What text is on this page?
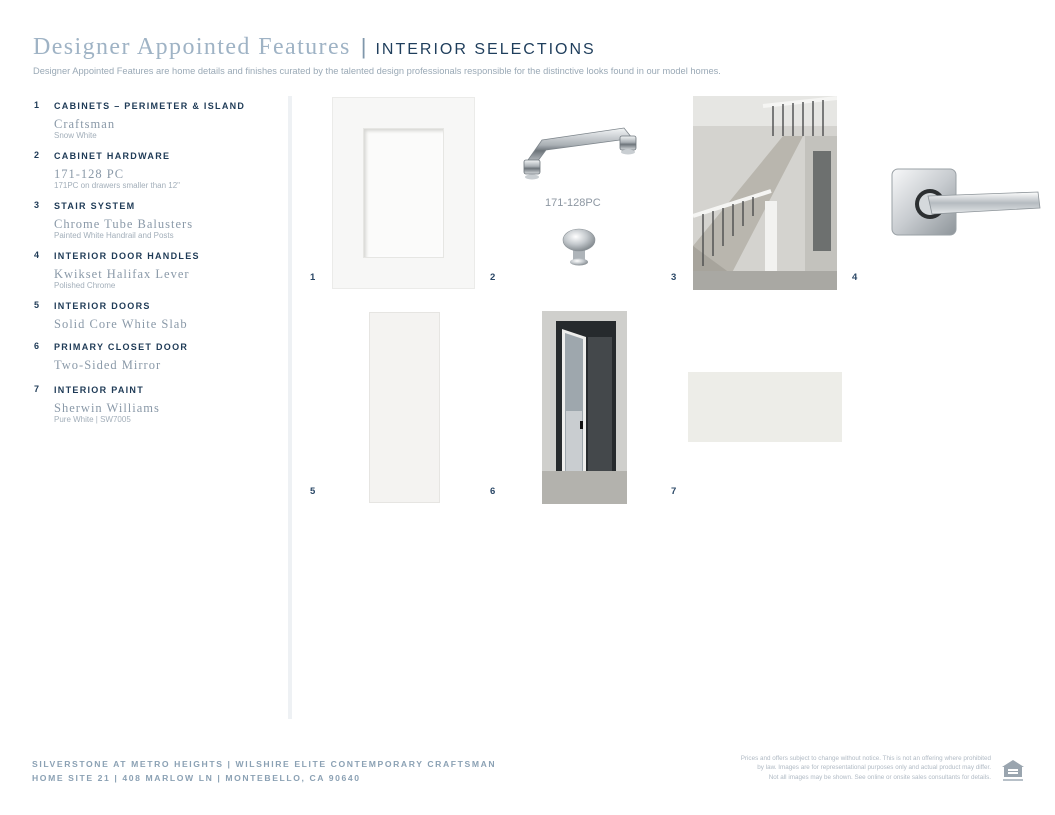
Designer Appointed Features | INTERIOR SELECTIONS
Designer Appointed Features are home details and finishes curated by the talented design professionals responsible for the distinctive looks found in our model homes.
1 CABINETS – PERIMETER & ISLAND
Craftsman
Snow White
2 CABINET HARDWARE
171-128 PC
171PC on drawers smaller than 12"
3 STAIR SYSTEM
Chrome Tube Balusters
Painted White Handrail and Posts
4 INTERIOR DOOR HANDLES
Kwikset Halifax Lever
Polished Chrome
5 INTERIOR DOORS
Solid Core White Slab
6 PRIMARY CLOSET DOOR
Two-Sided Mirror
7 INTERIOR PAINT
Sherwin Williams
Pure White | SW7005
1	2	3	4
5	6	7
171-128PC
SILVERSTONE AT METRO HEIGHTS | WILSHIRE ELITE CONTEMPORARY CRAFTSMAN
HOME SITE 21 | 408 MARLOW LN | MONTEBELLO, CA 90640
Prices and offers subject to change without notice. This is not an offering where prohibited
by law. Images are for representational purposes only and actual product may differ.
Not all images may be shown. See online or onsite sales consultants for details.
